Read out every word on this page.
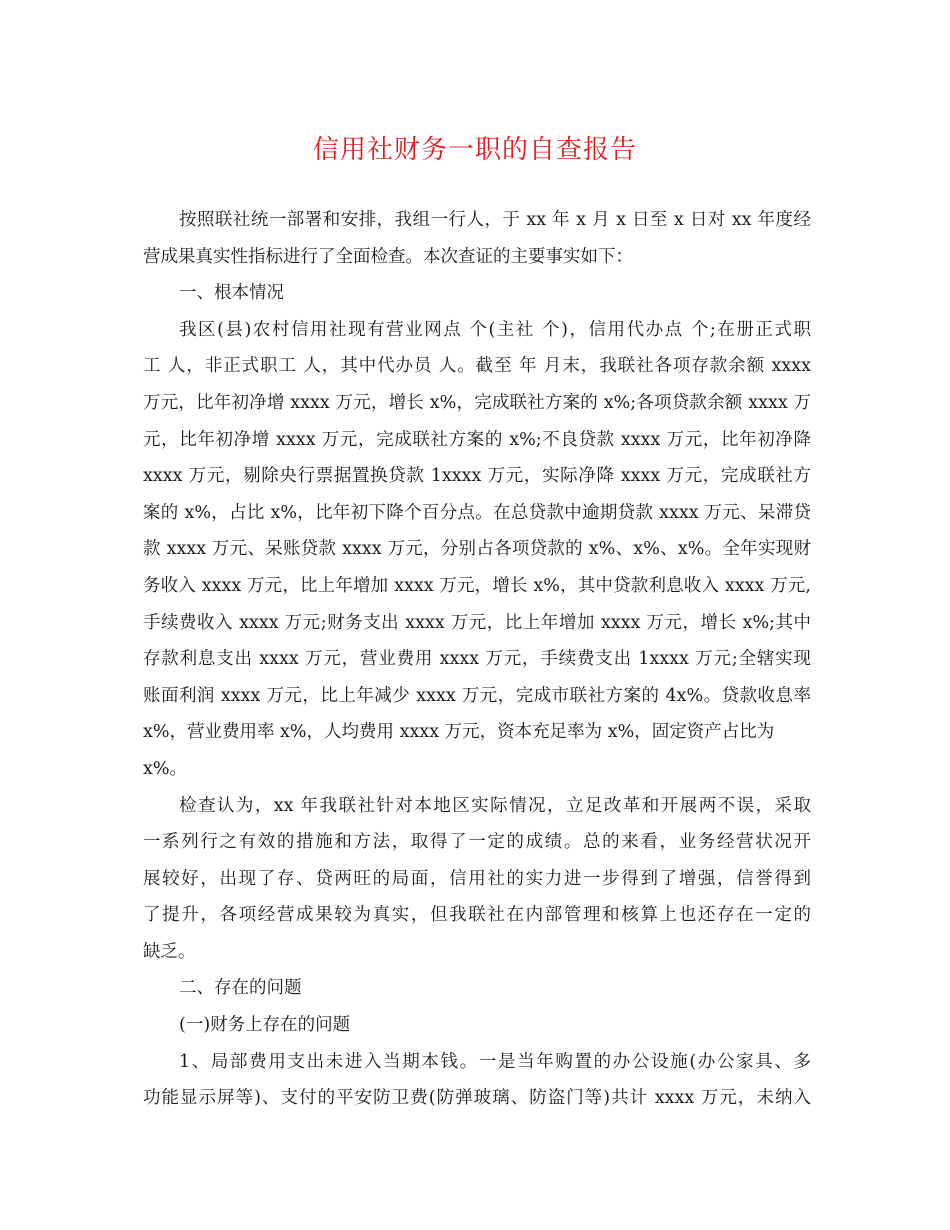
信用社财务一职的自查报告
按照联社统一部署和安排，我组一行人，于 xx 年 x 月 x 日至 x 日对 xx 年度经
营成果真实性指标进行了全面检查。本次查证的主要事实如下：
一、根本情况
我区(县)农村信用社现有营业网点 个(主社 个)，信用代办点 个;在册正式职
工 人，非正式职工 人，其中代办员 人。截至 年 月末，我联社各项存款余额 xxxx
万元，比年初净增 xxxx 万元，增长 x%，完成联社方案的 x%;各项贷款余额 xxxx 万
元，比年初净增 xxxx 万元，完成联社方案的 x%;不良贷款 xxxx 万元，比年初净降
xxxx 万元，剔除央行票据置换贷款 1xxxx 万元，实际净降 xxxx 万元，完成联社方
案的 x%，占比 x%，比年初下降个百分点。在总贷款中逾期贷款 xxxx 万元、呆滞贷
款 xxxx 万元、呆账贷款 xxxx 万元，分别占各项贷款的 x%、x%、x%。全年实现财
务收入 xxxx 万元，比上年增加 xxxx 万元，增长 x%，其中贷款利息收入 xxxx 万元,
手续费收入 xxxx 万元;财务支出 xxxx 万元，比上年增加 xxxx 万元，增长 x%;其中
存款利息支出 xxxx 万元，营业费用 xxxx 万元，手续费支出 1xxxx 万元;全辖实现
账面利润 xxxx 万元，比上年减少 xxxx 万元，完成市联社方案的 4x%。贷款收息率
x%，营业费用率 x%，人均费用 xxxx 万元，资本充足率为 x%，固定资产占比为
x%。
检查认为，xx 年我联社针对本地区实际情况，立足改革和开展两不误，采取
一系列行之有效的措施和方法，取得了一定的成绩。总的来看，业务经营状况开
展较好，出现了存、贷两旺的局面，信用社的实力进一步得到了增强，信誉得到
了提升，各项经营成果较为真实，但我联社在内部管理和核算上也还存在一定的
缺乏。
二、存在的问题
(一)财务上存在的问题
1、局部费用支出未进入当期本钱。一是当年购置的办公设施(办公家具、多
功能显示屏等)、支付的平安防卫费(防弹玻璃、防盗门等)共计 xxxx 万元，未纳入
